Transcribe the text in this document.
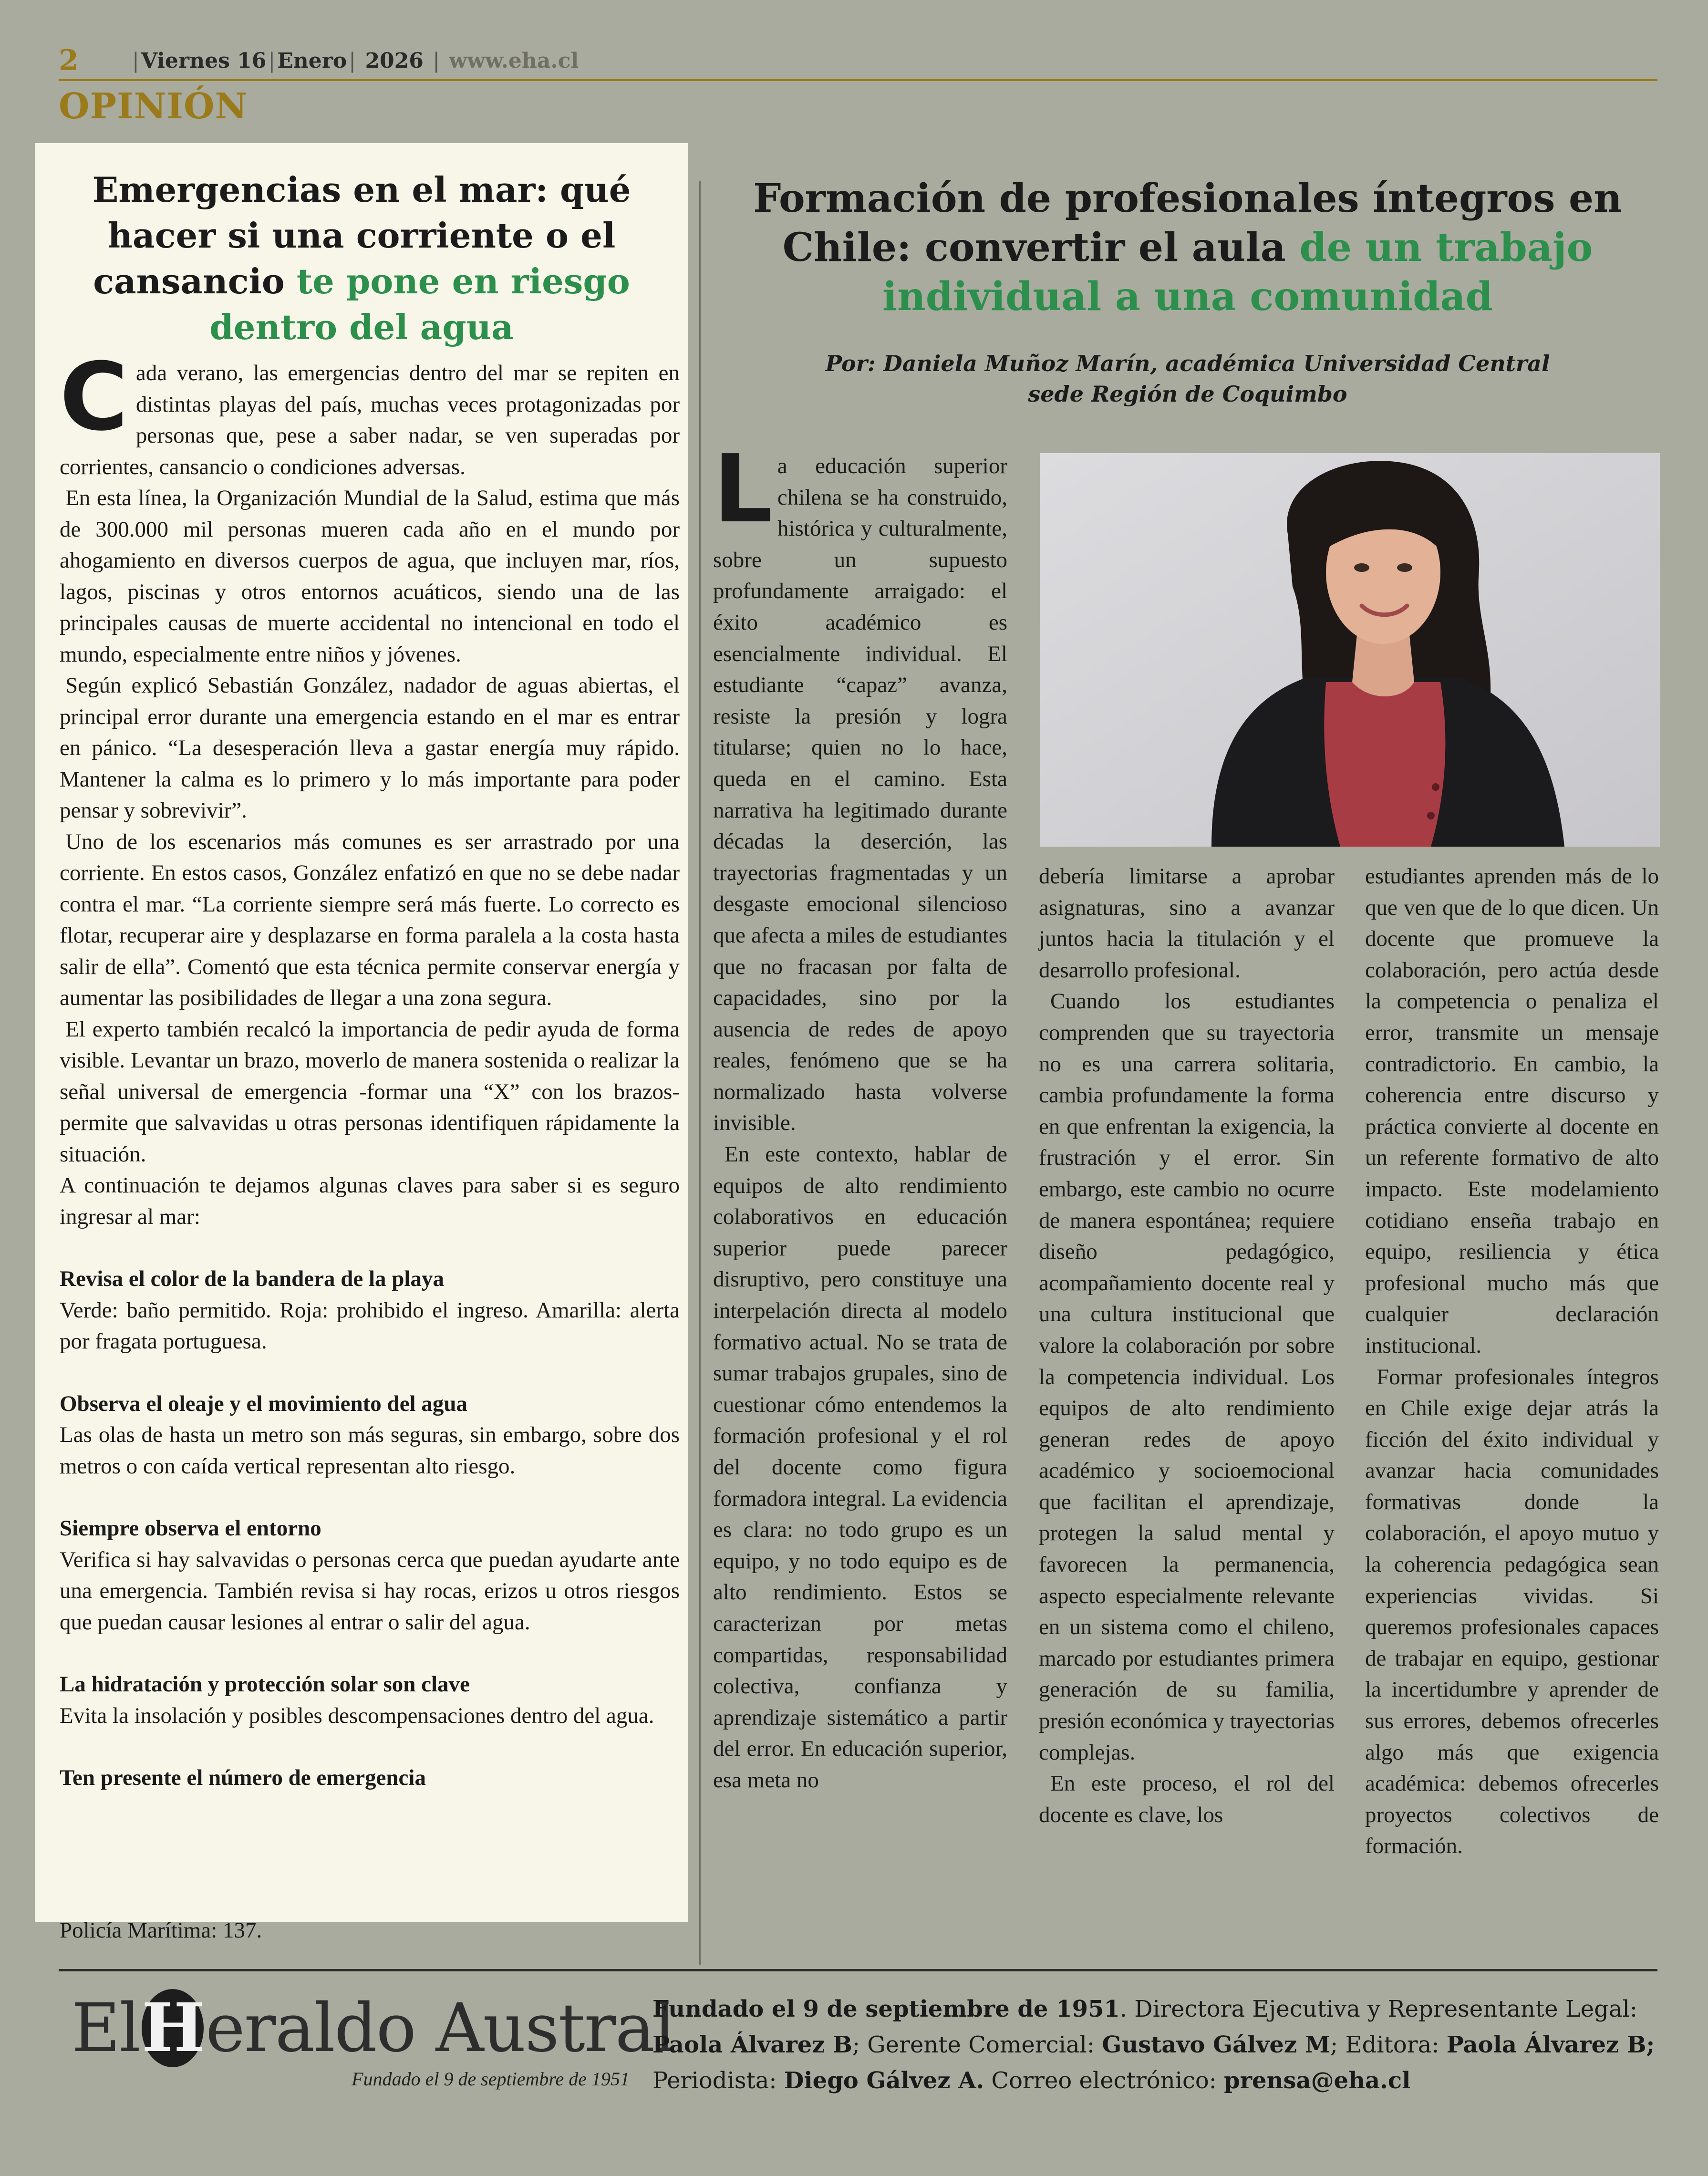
2	|Viernes 16|Enero| 2026 | www.eha.cl
OPINIÓN
Emergencias en el mar: qué hacer si una corriente o el cansancio te pone en riesgo dentro del agua

Cada verano, las emergencias dentro del mar se repiten en distintas playas del país, muchas veces protagonizadas por personas que, pese a saber nadar, se ven superadas por corrientes, cansancio o condiciones adversas.

En esta línea, la Organización Mundial de la Salud, estima que más de 300.000 mil personas mueren cada año en el mundo por ahogamiento en diversos cuerpos de agua, que incluyen mar, ríos, lagos, piscinas y otros entornos acuáticos, siendo una de las principales causas de muerte accidental no intencional en todo el mundo, especialmente entre niños y jóvenes.

Según explicó Sebastián González, nadador de aguas abiertas, el principal error durante una emergencia estando en el mar es entrar en pánico. “La desesperación lleva a gastar energía muy rápido. Mantener la calma es lo primero y lo más importante para poder pensar y sobrevivir”.

Uno de los escenarios más comunes es ser arrastrado por una corriente. En estos casos, González enfatizó en que no se debe nadar contra el mar. “La corriente siempre será más fuerte. Lo correcto es flotar, recuperar aire y desplazarse en forma paralela a la costa hasta salir de ella”. Comentó que esta técnica permite conservar energía y aumentar las posibilidades de llegar a una zona segura.

El experto también recalcó la importancia de pedir ayuda de forma visible. Levantar un brazo, moverlo de manera sostenida o realizar la señal universal de emergencia -formar una “X” con los brazos- permite que salvavidas u otras personas identifiquen rápidamente la situación.

A continuación te dejamos algunas claves para saber si es seguro ingresar al mar:

Revisa el color de la bandera de la playa

Verde: baño permitido. Roja: prohibido el ingreso. Amarilla: alerta por fragata portuguesa.

Observa el oleaje y el movimiento del agua

Las olas de hasta un metro son más seguras, sin embargo, sobre dos metros o con caída vertical representan alto riesgo.

Siempre observa el entorno

Verifica si hay salvavidas o personas cerca que puedan ayudarte ante una emergencia. También revisa si hay rocas, erizos u otros riesgos que puedan causar lesiones al entrar o salir del agua.

La hidratación y protección solar son clave

Evita la insolación y posibles descompensaciones dentro del agua.

Ten presente el número de emergencia

Policía Marítima: 137.
Formación de profesionales íntegros en Chile: convertir el aula de un trabajo individual a una comunidad
Por: Daniela Muñoz Marín, académica Universidad Central
sede Región de Coquimbo

La educación superior chilena se ha construido, histórica y culturalmente, sobre un supuesto profundamente arraigado: el éxito académico es esencialmente individual. El estudiante “capaz” avanza, resiste la presión y logra titularse; quien no lo hace, queda en el camino. Esta narrativa ha legitimado durante décadas la deserción, las trayectorias fragmentadas y un desgaste emocional silencioso que afecta a miles de estudiantes que no fracasan por falta de capacidades, sino por la ausencia de redes de apoyo reales, fenómeno que se ha normalizado hasta volverse invisible.

En este contexto, hablar de equipos de alto rendimiento colaborativos en educación superior puede parecer disruptivo, pero constituye una interpelación directa al modelo formativo actual. No se trata de sumar trabajos grupales, sino de cuestionar cómo entendemos la formación profesional y el rol del docente como figura formadora integral. La evidencia es clara: no todo grupo es un equipo, y no todo equipo es de alto rendimiento. Estos se caracterizan por metas compartidas, responsabilidad colectiva, confianza y aprendizaje sistemático a partir del error. En educación superior, esa meta no

debería limitarse a aprobar asignaturas, sino a avanzar juntos hacia la titulación y el desarrollo profesional.

Cuando los estudiantes comprenden que su trayectoria no es una carrera solitaria, cambia profundamente la forma en que enfrentan la exigencia, la frustración y el error. Sin embargo, este cambio no ocurre de manera espontánea; requiere diseño pedagógico, acompañamiento docente real y una cultura institucional que valore la colaboración por sobre la competencia individual. Los equipos de alto rendimiento generan redes de apoyo académico y socioemocional que facilitan el aprendizaje, protegen la salud mental y favorecen la permanencia, aspecto especialmente relevante en un sistema como el chileno, marcado por estudiantes primera generación de su familia, presión económica y trayectorias complejas.

En este proceso, el rol del docente es clave, los

estudiantes aprenden más de lo que ven que de lo que dicen. Un docente que promueve la colaboración, pero actúa desde la competencia o penaliza el error, transmite un mensaje contradictorio. En cambio, la coherencia entre discurso y práctica convierte al docente en un referente formativo de alto impacto. Este modelamiento cotidiano enseña trabajo en equipo, resiliencia y ética profesional mucho más que cualquier declaración institucional.

Formar profesionales íntegros en Chile exige dejar atrás la ficción del éxito individual y avanzar hacia comunidades formativas donde la colaboración, el apoyo mutuo y la coherencia pedagógica sean experiencias vividas. Si queremos profesionales capaces de trabajar en equipo, gestionar la incertidumbre y aprender de sus errores, debemos ofrecerles algo más que exigencia académica: debemos ofrecerles proyectos colectivos de formación.

ElHeraldo Austral
Fundado el 9 de septiembre de 1951
Fundado el 9 de septiembre de 1951. Directora Ejecutiva y Representante Legal:
Paola Álvarez B; Gerente Comercial: Gustavo Gálvez M; Editora: Paola Álvarez B;
Periodista: Diego Gálvez A. Correo electrónico: prensa@eha.cl
